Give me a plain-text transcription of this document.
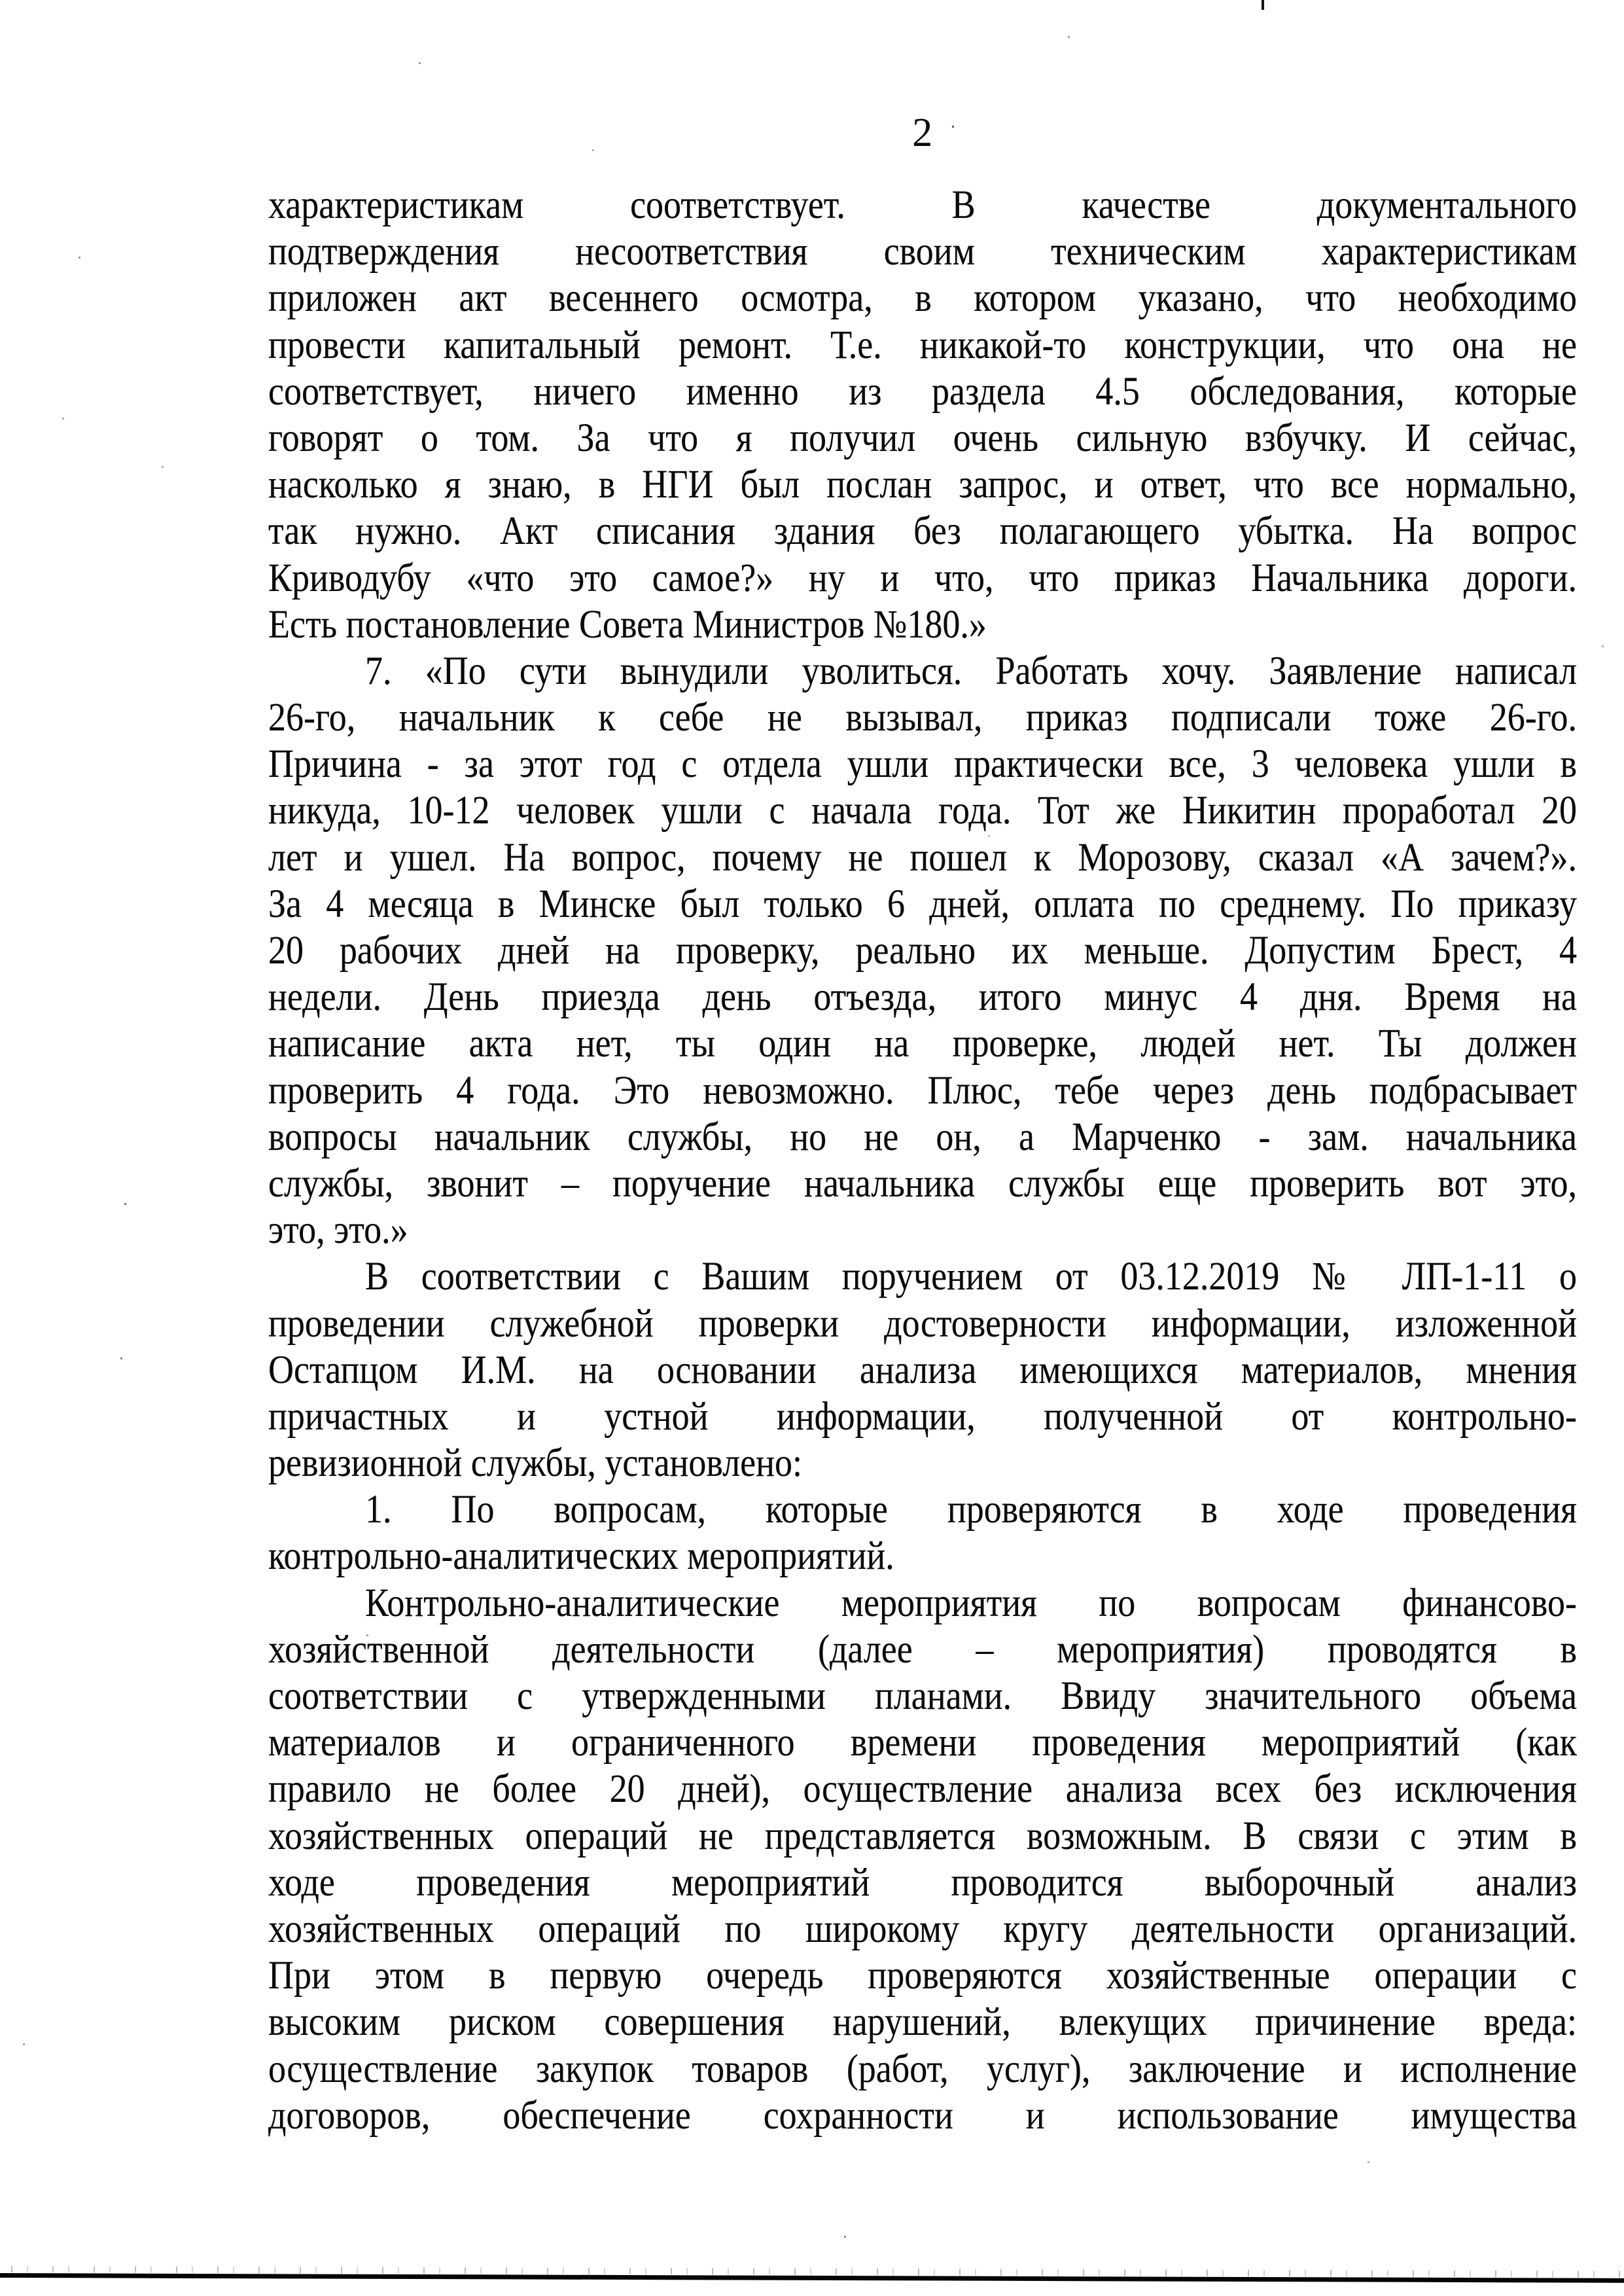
2
характеристикам соответствует. В качестве документального
подтверждения несоответствия своим техническим характеристикам
приложен акт весеннего осмотра, в котором указано, что необходимо
провести капитальный ремонт. Т.е. никакой-то конструкции, что она не
соответствует, ничего именно из раздела 4.5 обследования, которые
говорят о том. За что я получил очень сильную взбучку. И сейчас,
насколько я знаю, в НГИ был послан запрос, и ответ, что все нормально,
так нужно. Акт списания здания без полагающего убытка. На вопрос
Криводубу «что это самое?» ну и что, что приказ Начальника дороги.
Есть постановление Совета Министров №180.»
7. «По сути вынудили уволиться. Работать хочу. Заявление написал
26-го, начальник к себе не вызывал, приказ подписали тоже 26-го.
Причина - за этот год с отдела ушли практически все, 3 человека ушли в
никуда, 10-12 человек ушли с начала года. Тот же Никитин проработал 20
лет и ушел. На вопрос, почему не пошел к Морозову, сказал «А зачем?».
За 4 месяца в Минске был только 6 дней, оплата по среднему. По приказу
20 рабочих дней на проверку, реально их меньше. Допустим Брест, 4
недели. День приезда день отъезда, итого минус 4 дня. Время на
написание акта нет, ты один на проверке, людей нет. Ты должен
проверить 4 года. Это невозможно. Плюс, тебе через день подбрасывает
вопросы начальник службы, но не он, а Марченко - зам. начальника
службы, звонит – поручение начальника службы еще проверить вот это,
это, это.»
В соответствии с Вашим поручением от 03.12.2019 № ЛП-1-11 о
проведении служебной проверки достоверности информации, изложенной
Остапцом И.М. на основании анализа имеющихся материалов, мнения
причастных и устной информации, полученной от контрольно-
ревизионной службы, установлено:
1. По вопросам, которые проверяются в ходе проведения
контрольно-аналитических мероприятий.
Контрольно-аналитические мероприятия по вопросам финансово-
хозяйственной деятельности (далее – мероприятия) проводятся в
соответствии с утвержденными планами. Ввиду значительного объема
материалов и ограниченного времени проведения мероприятий (как
правило не более 20 дней), осуществление анализа всех без исключения
хозяйственных операций не представляется возможным. В связи с этим в
ходе проведения мероприятий проводится выборочный анализ
хозяйственных операций по широкому кругу деятельности организаций.
При этом в первую очередь проверяются хозяйственные операции с
высоким риском совершения нарушений, влекущих причинение вреда:
осуществление закупок товаров (работ, услуг), заключение и исполнение
договоров, обеспечение сохранности и использование имущества
